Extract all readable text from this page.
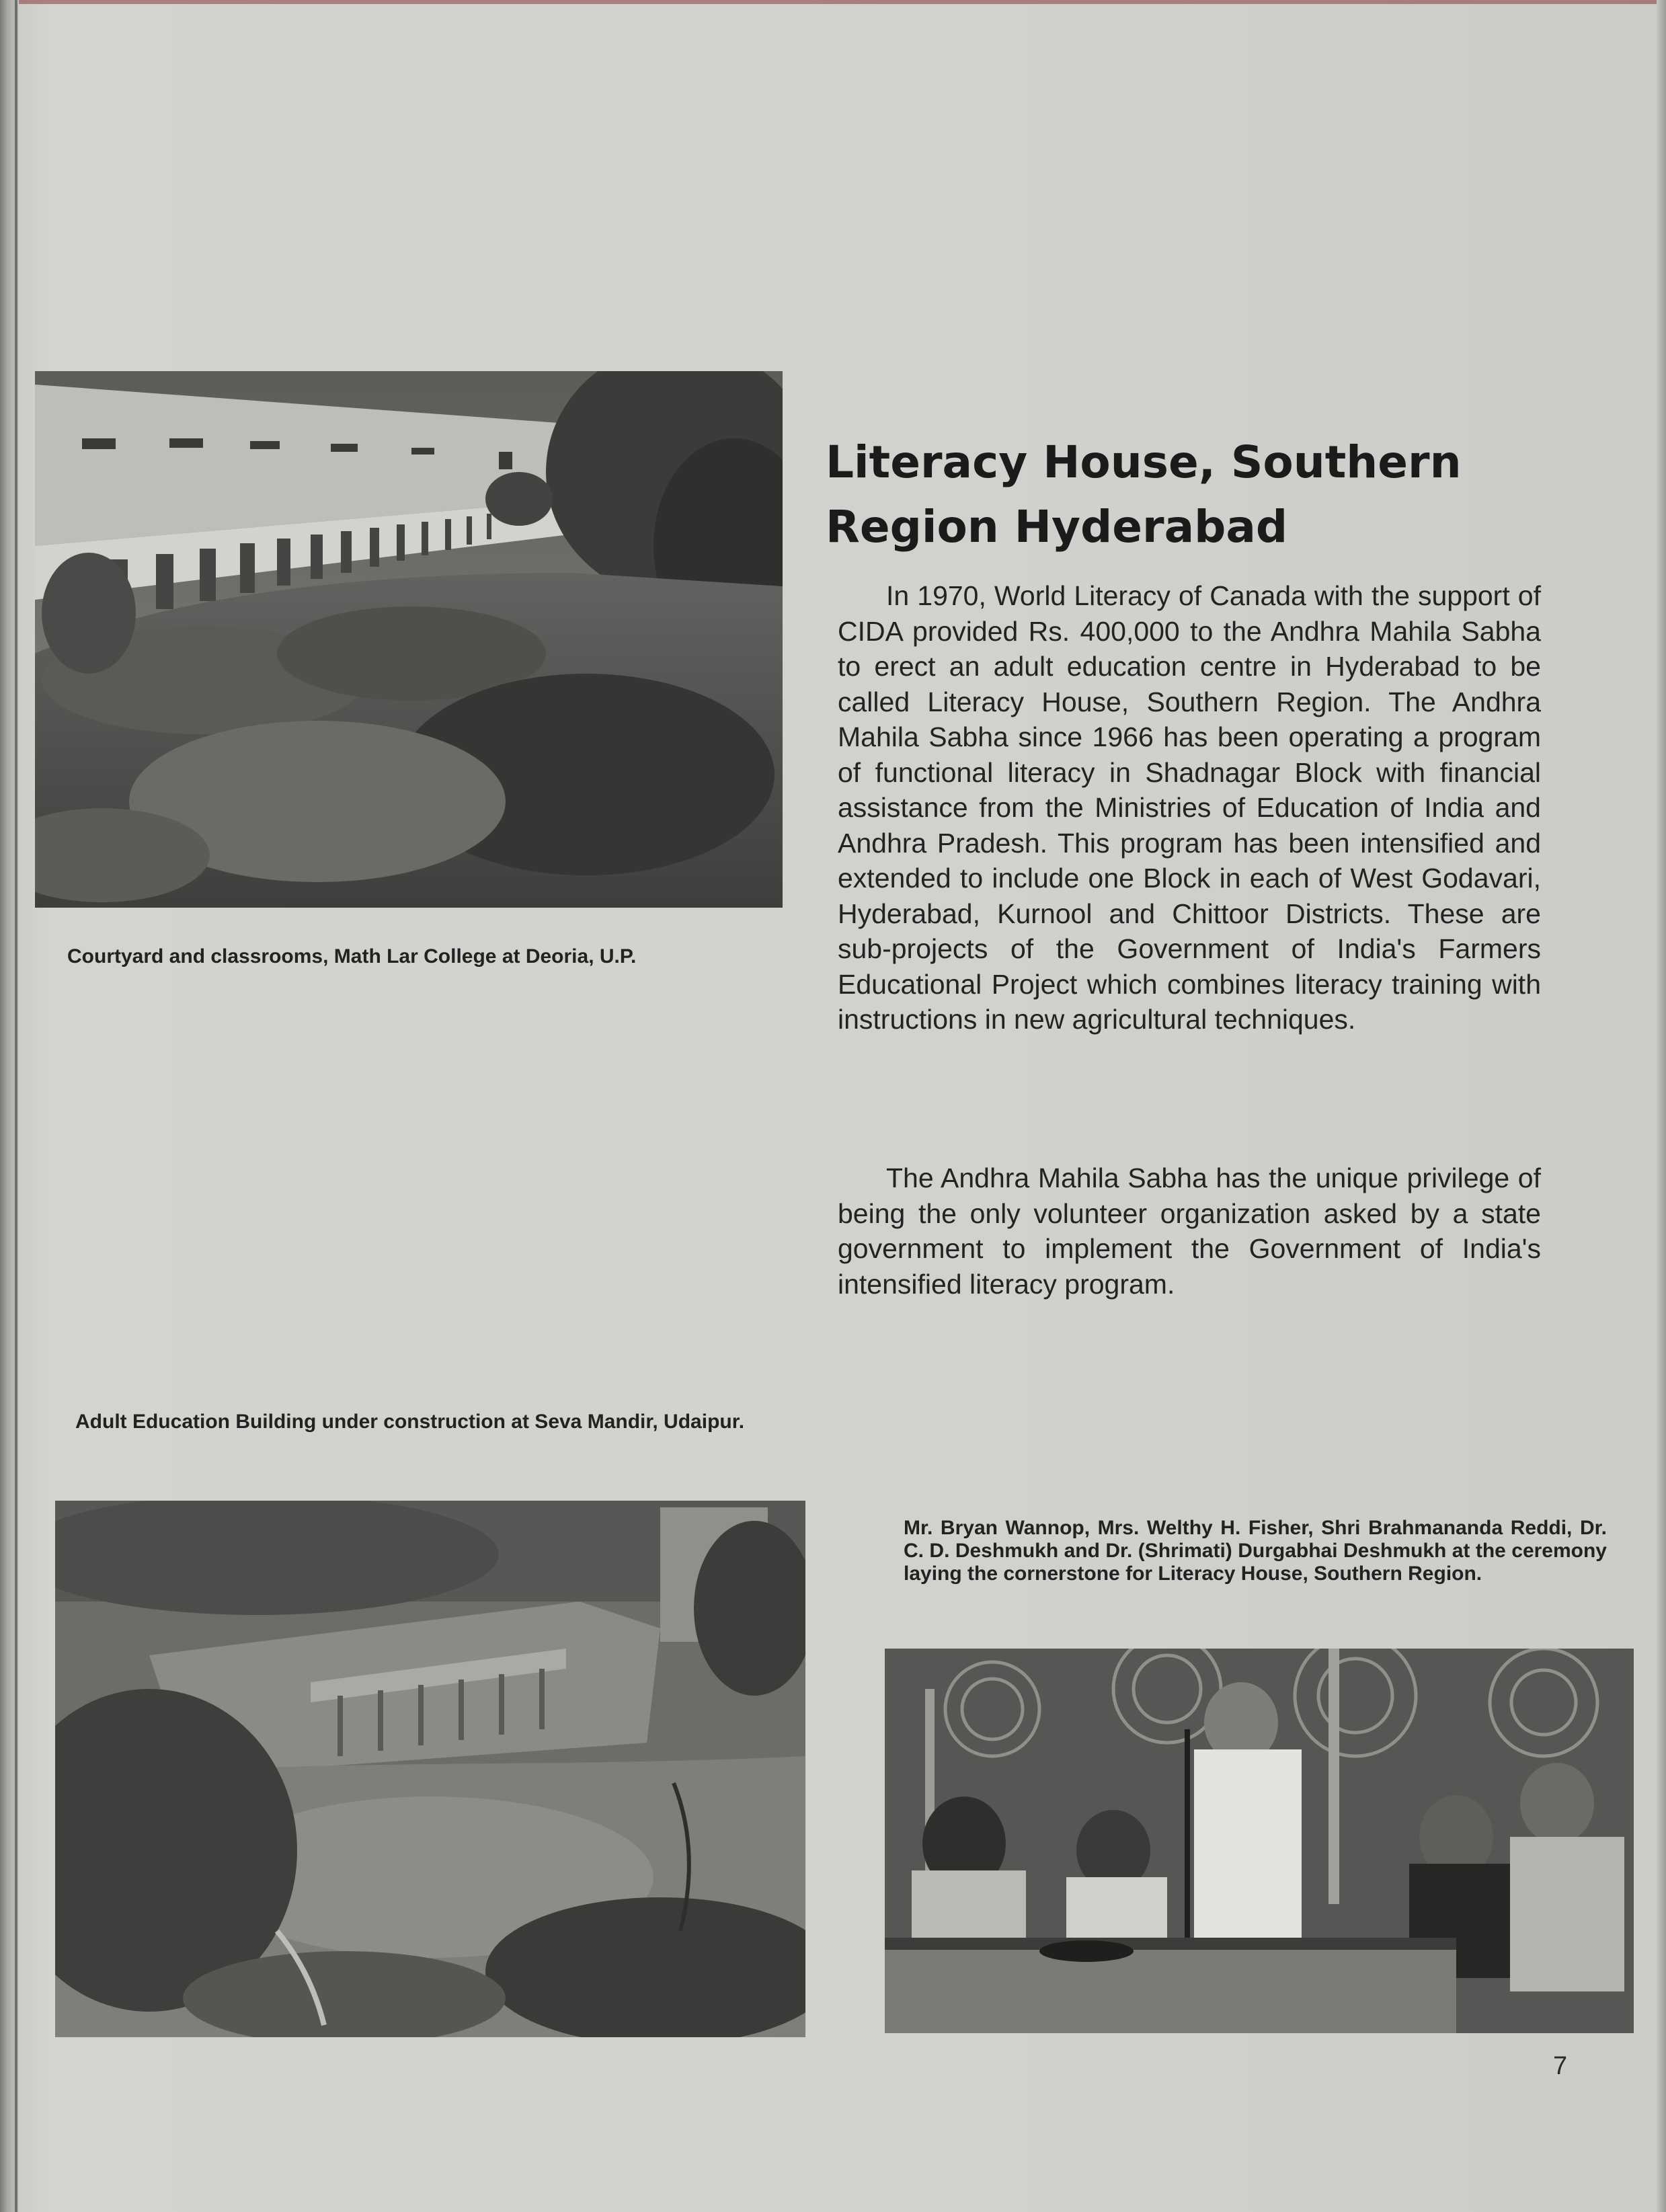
Courtyard and classrooms, Math Lar College at Deoria, U.P.

Literacy House, Southern
Region Hyderabad

In 1970, World Literacy of Canada with the support of CIDA provided Rs. 400,000 to the Andhra Mahila Sabha to erect an adult education centre in Hyderabad to be called Literacy House, Southern Region. The Andhra Mahila Sabha since 1966 has been operating a program of functional literacy in Shadnagar Block with financial assistance from the Ministries of Education of India and Andhra Pradesh. This program has been intensified and extended to include one Block in each of West Godavari, Hyderabad, Kurnool and Chittoor Districts. These are sub-projects of the Government of India's Farmers Educational Project which combines literacy training with instructions in new agricultural techniques.

The Andhra Mahila Sabha has the unique privilege of being the only volunteer organization asked by a state government to implement the Government of India's intensified literacy program.

Adult Education Building under construction at Seva Mandir, Udaipur.

Mr. Bryan Wannop, Mrs. Welthy H. Fisher, Shri Brahmananda Reddi, Dr. C. D. Deshmukh and Dr. (Shrimati) Durgabhai Deshmukh at the ceremony laying the cornerstone for Literacy House, Southern Region.

7
